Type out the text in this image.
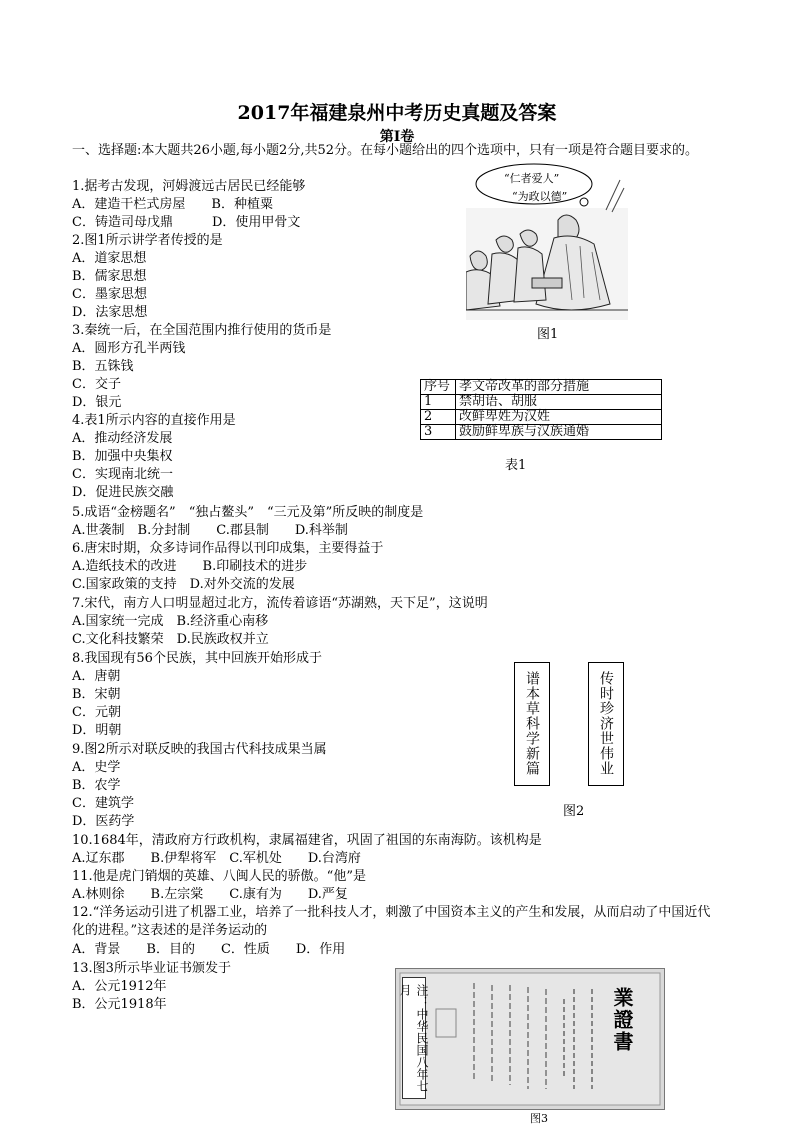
2017年福建泉州中考历史真题及答案
第Ⅰ卷
一、选择题:本大题共26小题,每小题2分,共52分。在每小题给出的四个选项中，只有一项是符合题目要求的。
1.据考古发现，河姆渡远古居民已经能够
A．建造干栏式房屋　　B．种植粟
C．铸造司母戊鼎　　　D．使用甲骨文
2.图1所示讲学者传授的是
A．道家思想
B．儒家思想
C．墨家思想
D．法家思想
3.秦统一后，在全国范围内推行使用的货币是
A．圆形方孔半两钱
B．五铢钱
C．交子
D．银元
4.表1所示内容的直接作用是
A．推动经济发展
B．加强中央集权
C．实现南北统一
D．促进民族交融
5.成语“金榜题名”　“独占鳌头”　“三元及第”所反映的制度是
A.世袭制　B.分封制　　C.郡县制　　D.科举制
6.唐宋时期，众多诗词作品得以刊印成集，主要得益于
A.造纸技术的改进　　B.印刷技术的进步
C.国家政策的支持　D.对外交流的发展
7.宋代，南方人口明显超过北方，流传着谚语“苏湖熟，天下足”，这说明
A.国家统一完成　B.经济重心南移
C.文化科技繁荣　D.民族政权并立
8.我国现有56个民族，其中回族开始形成于
A．唐朝
B．宋朝
C．元朝
D．明朝
9.图2所示对联反映的我国古代科技成果当属
A．史学
B．农学
C．建筑学
D．医药学
10.1684年，清政府方行政机构，隶属福建省，巩固了祖国的东南海防。该机构是
A.辽东郡　　B.伊犁将军　C.军机处　　D.台湾府
11.他是虎门销烟的英雄、八闽人民的骄傲。“他”是
A.林则徐　　B.左宗棠　　C.康有为　　D.严复
12.“洋务运动引进了机器工业，培养了一批科技人才，刺激了中国资本主义的产生和发展，从而启动了中国近代化的进程。”这表述的是洋务运动的
A．背景　　B．目的　　C．性质　　D．作用
13.图3所示毕业证书颁发于
A．公元1912年
B．公元1918年
“仁者爱人”
“为政以德”
图1
序号	孝文帝改革的部分措施
1	禁胡语、胡服
2	改鲜卑姓为汉姓
3	鼓励鲜卑族与汉族通婚
表1
谱本草科学新篇	传时珍济世伟业
图2
注：中华民国八年七月	業證書
图3
